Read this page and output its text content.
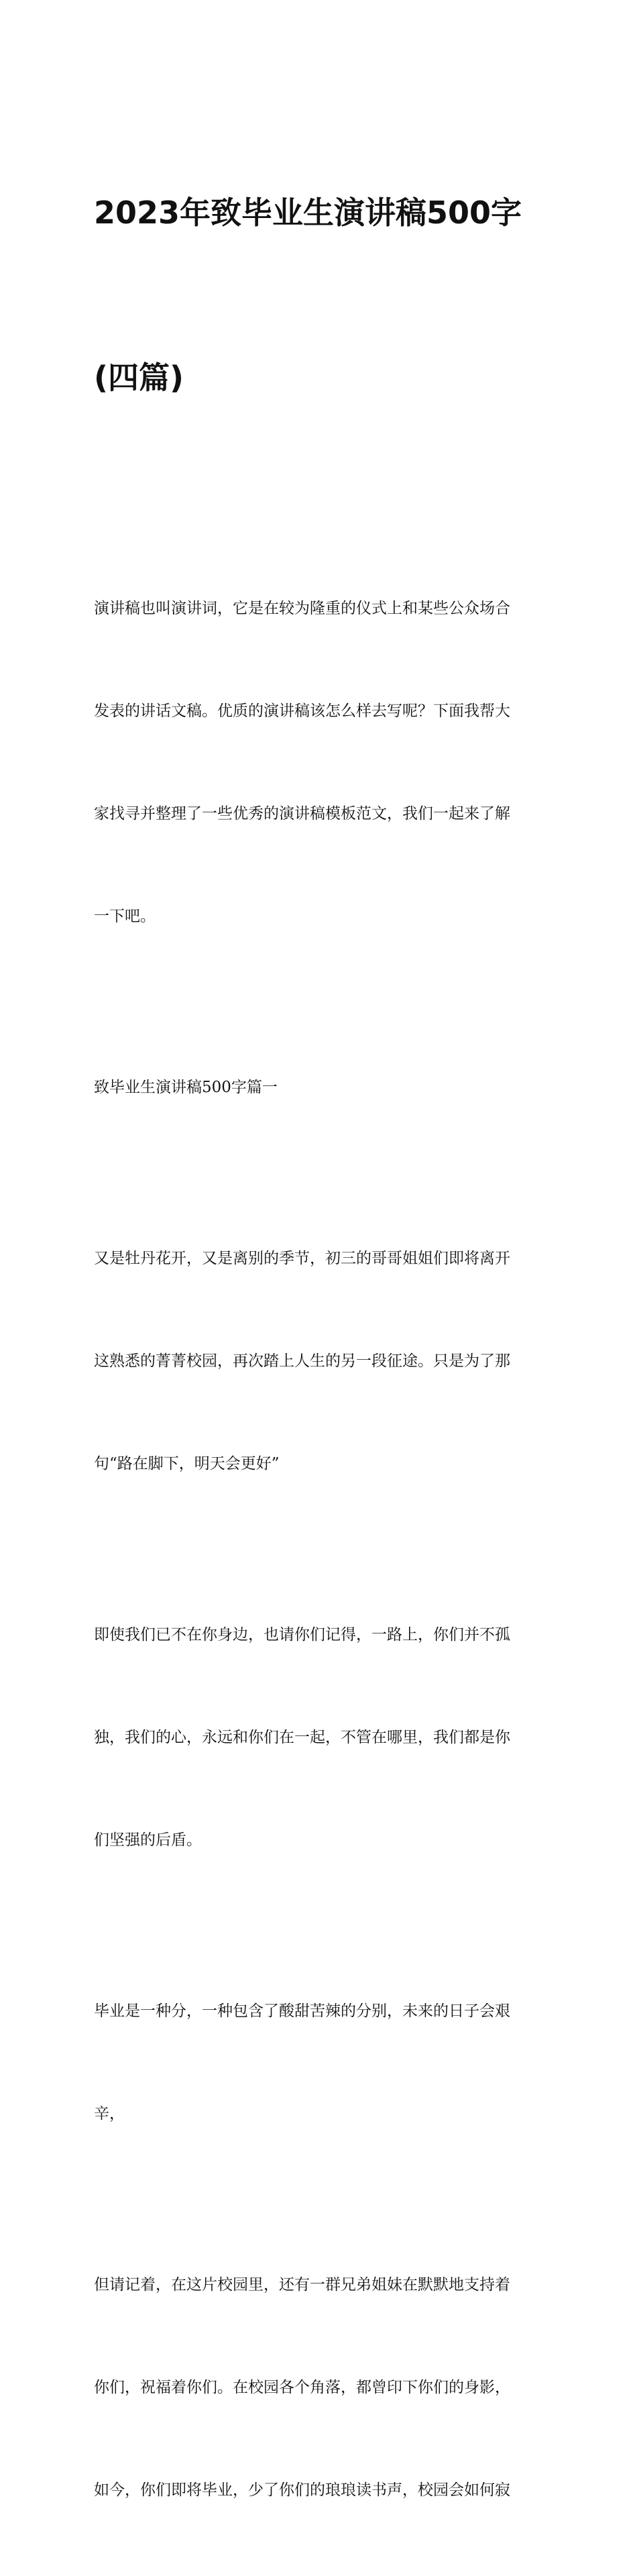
2023年致毕业生演讲稿500字

(四篇)

演讲稿也叫演讲词，它是在较为隆重的仪式上和某些公众场合

发表的讲话文稿。优质的演讲稿该怎么样去写呢？下面我帮大

家找寻并整理了一些优秀的演讲稿模板范文，我们一起来了解

一下吧。

致毕业生演讲稿500字篇一

又是牡丹花开，又是离别的季节，初三的哥哥姐姐们即将离开

这熟悉的菁菁校园，再次踏上人生的另一段征途。只是为了那

句“路在脚下，明天会更好”

即使我们已不在你身边，也请你们记得，一路上，你们并不孤

独，我们的心，永远和你们在一起，不管在哪里，我们都是你

们坚强的后盾。

毕业是一种分，一种包含了酸甜苦辣的分别，未来的日子会艰

辛，

但请记着，在这片校园里，还有一群兄弟姐妹在默默地支持着

你们，祝福着你们。在校园各个角落，都曾印下你们的身影，

如今，你们即将毕业，少了你们的琅琅读书声，校园会如何寂
